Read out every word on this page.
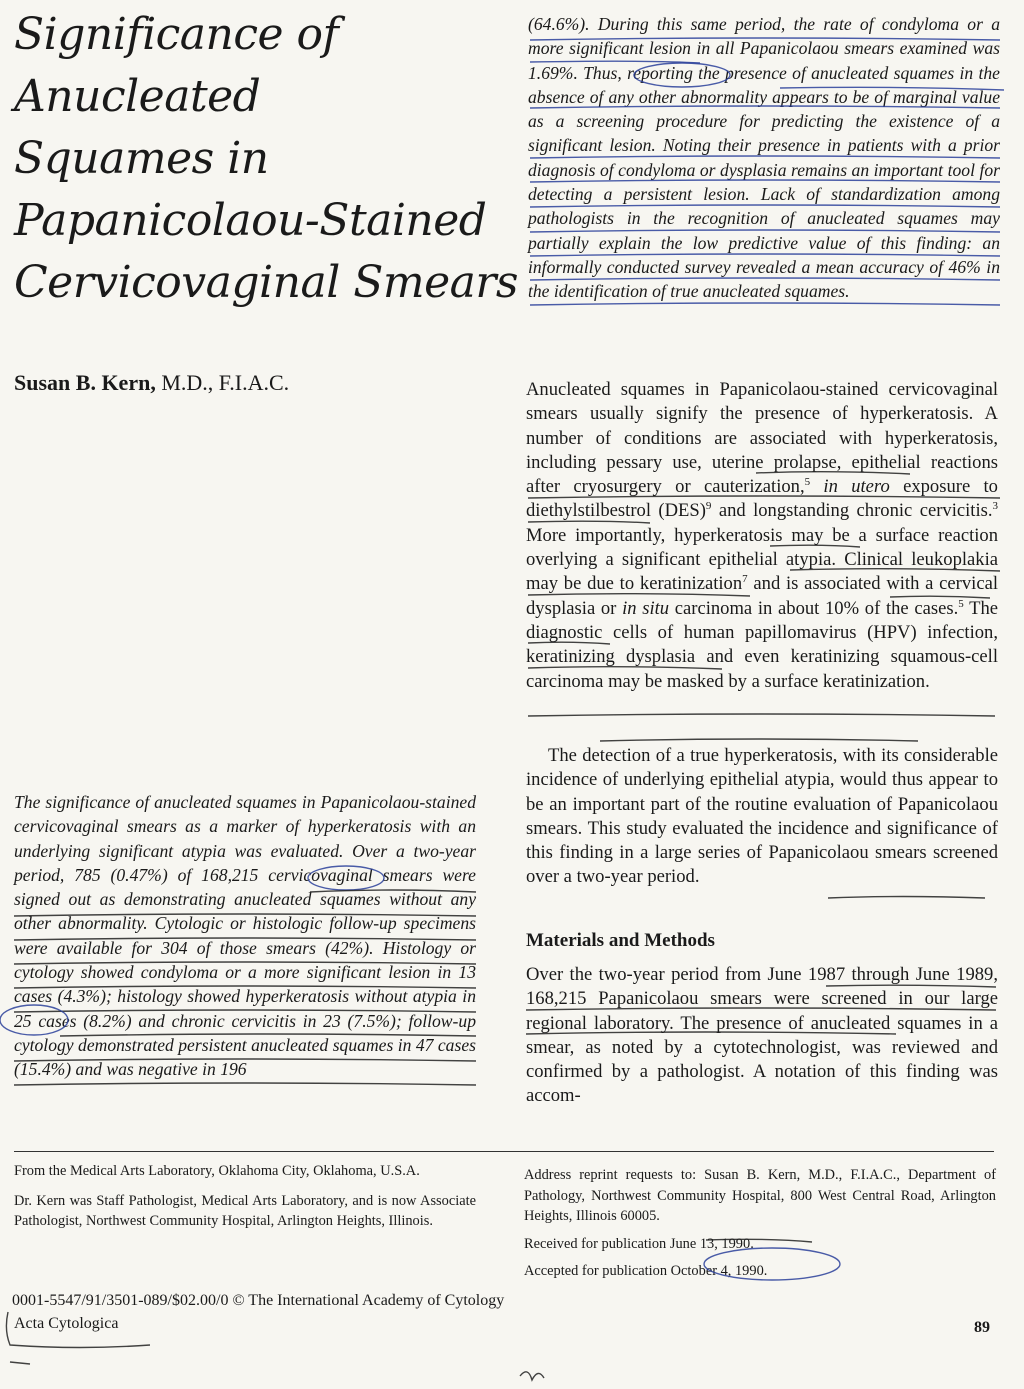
Significance of
Anucleated
Squames in
Papanicolaou-Stained
Cervicovaginal Smears
Susan B. Kern, M.D., F.I.A.C.

The significance of anucleated squames in Papanicolaou-stained cervicovaginal smears as a marker of hyperkeratosis with an underlying significant atypia was evaluated. Over a two-year period, 785 (0.47%) of 168,215 cervicovaginal smears were signed out as demonstrating anucleated squames without any other abnormality. Cytologic or histologic follow-up specimens were available for 304 of those smears (42%). Histology or cytology showed condyloma or a more significant lesion in 13 cases (4.3%); histology showed hyperkeratosis without atypia in 25 cases (8.2%) and chronic cervicitis in 23 (7.5%); follow-up cytology demonstrated persistent anucleated squames in 47 cases (15.4%) and was negative in 196

(64.6%). During this same period, the rate of condyloma or a more significant lesion in all Papanicolaou smears examined was 1.69%. Thus, reporting the presence of anucleated squames in the absence of any other abnormality appears to be of marginal value as a screening procedure for predicting the existence of a significant lesion. Noting their presence in patients with a prior diagnosis of condyloma or dysplasia remains an important tool for detecting a persistent lesion. Lack of standardization among pathologists in the recognition of anucleated squames may partially explain the low predictive value of this finding: an informally conducted survey revealed a mean accuracy of 46% in the identification of true anucleated squames.

Anucleated squames in Papanicolaou-stained cervicovaginal smears usually signify the presence of hyperkeratosis. A number of conditions are associated with hyperkeratosis, including pessary use, uterine prolapse, epithelial reactions after cryosurgery or cauterization,$^5$ in utero exposure to diethylstilbestrol (DES)$^9$ and longstanding chronic cervicitis.$^3$ More importantly, hyperkeratosis may be a surface reaction overlying a significant epithelial atypia. Clinical leukoplakia may be due to keratinization$^7$ and is associated with a cervical dysplasia or in situ carcinoma in about 10% of the cases.$^5$ The diagnostic cells of human papillomavirus (HPV) infection, keratinizing dysplasia and even keratinizing squamous-cell carcinoma may be masked by a surface keratinization.

The detection of a true hyperkeratosis, with its considerable incidence of underlying epithelial atypia, would thus appear to be an important part of the routine evaluation of Papanicolaou smears. This study evaluated the incidence and significance of this finding in a large series of Papanicolaou smears screened over a two-year period.

Materials and Methods

Over the two-year period from June 1987 through June 1989, 168,215 Papanicolaou smears were screened in our large regional laboratory. The presence of anucleated squames in a smear, as noted by a cytotechnologist, was reviewed and confirmed by a pathologist. A notation of this finding was accom-

From the Medical Arts Laboratory, Oklahoma City, Oklahoma, U.S.A.

Dr. Kern was Staff Pathologist, Medical Arts Laboratory, and is now Associate Pathologist, Northwest Community Hospital, Arlington Heights, Illinois.

Address reprint requests to: Susan B. Kern, M.D., F.I.A.C., Department of Pathology, Northwest Community Hospital, 800 West Central Road, Arlington Heights, Illinois 60005.

Received for publication June 13, 1990.

Accepted for publication October 4, 1990.

0001-5547/91/3501-089/$02.00/0 © The International Academy of Cytology
Acta Cytologica	89
